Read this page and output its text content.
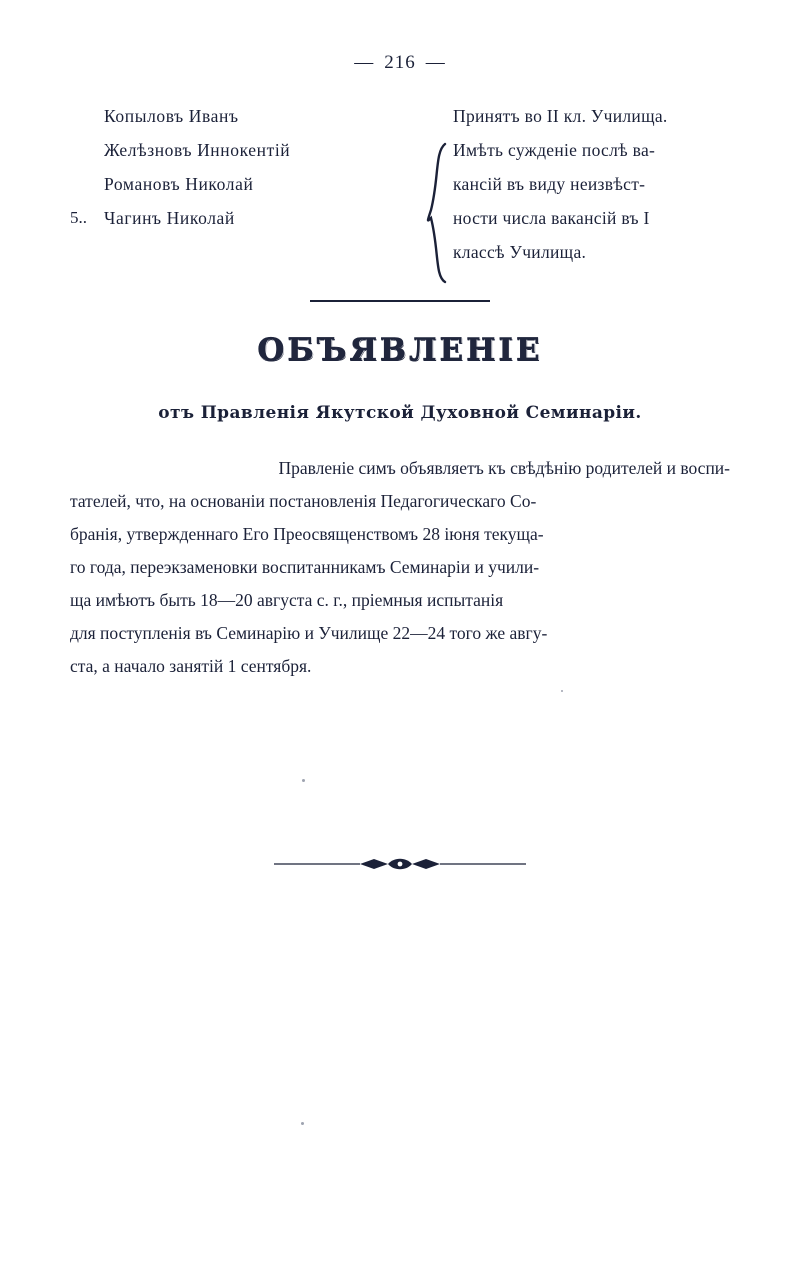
— 216 —
Копыловъ Иванъ
Желѣзновъ Иннокентій
Романовъ Николай
5.. Чагинъ Николай
Принятъ во II кл. Училища.
Имѣть сужденіе послѣ ва-
кансій въ виду неизвѣст-
ности числа вакансій въ I
классѣ Училища.
ОБЪЯВЛЕНІЕ
отъ Правленія Якутской Духовной Семинаріи.
Правленіе симъ объявляетъ къ свѣдѣнію родителей и воспи-
тателей, что, на основаніи постановленія Педагогическаго Со-
бранія, утвержденнаго Его Преосвященствомъ 28 іюня текуща-
го года, переэкзаменовки воспитанникамъ Семинаріи и учили-
ща имѣютъ быть 18—20 августа с. г., пріемныя испытанія
для поступленія въ Семинарію и Училище 22—24 того же авгу-
ста, а начало занятій 1 сентября.
